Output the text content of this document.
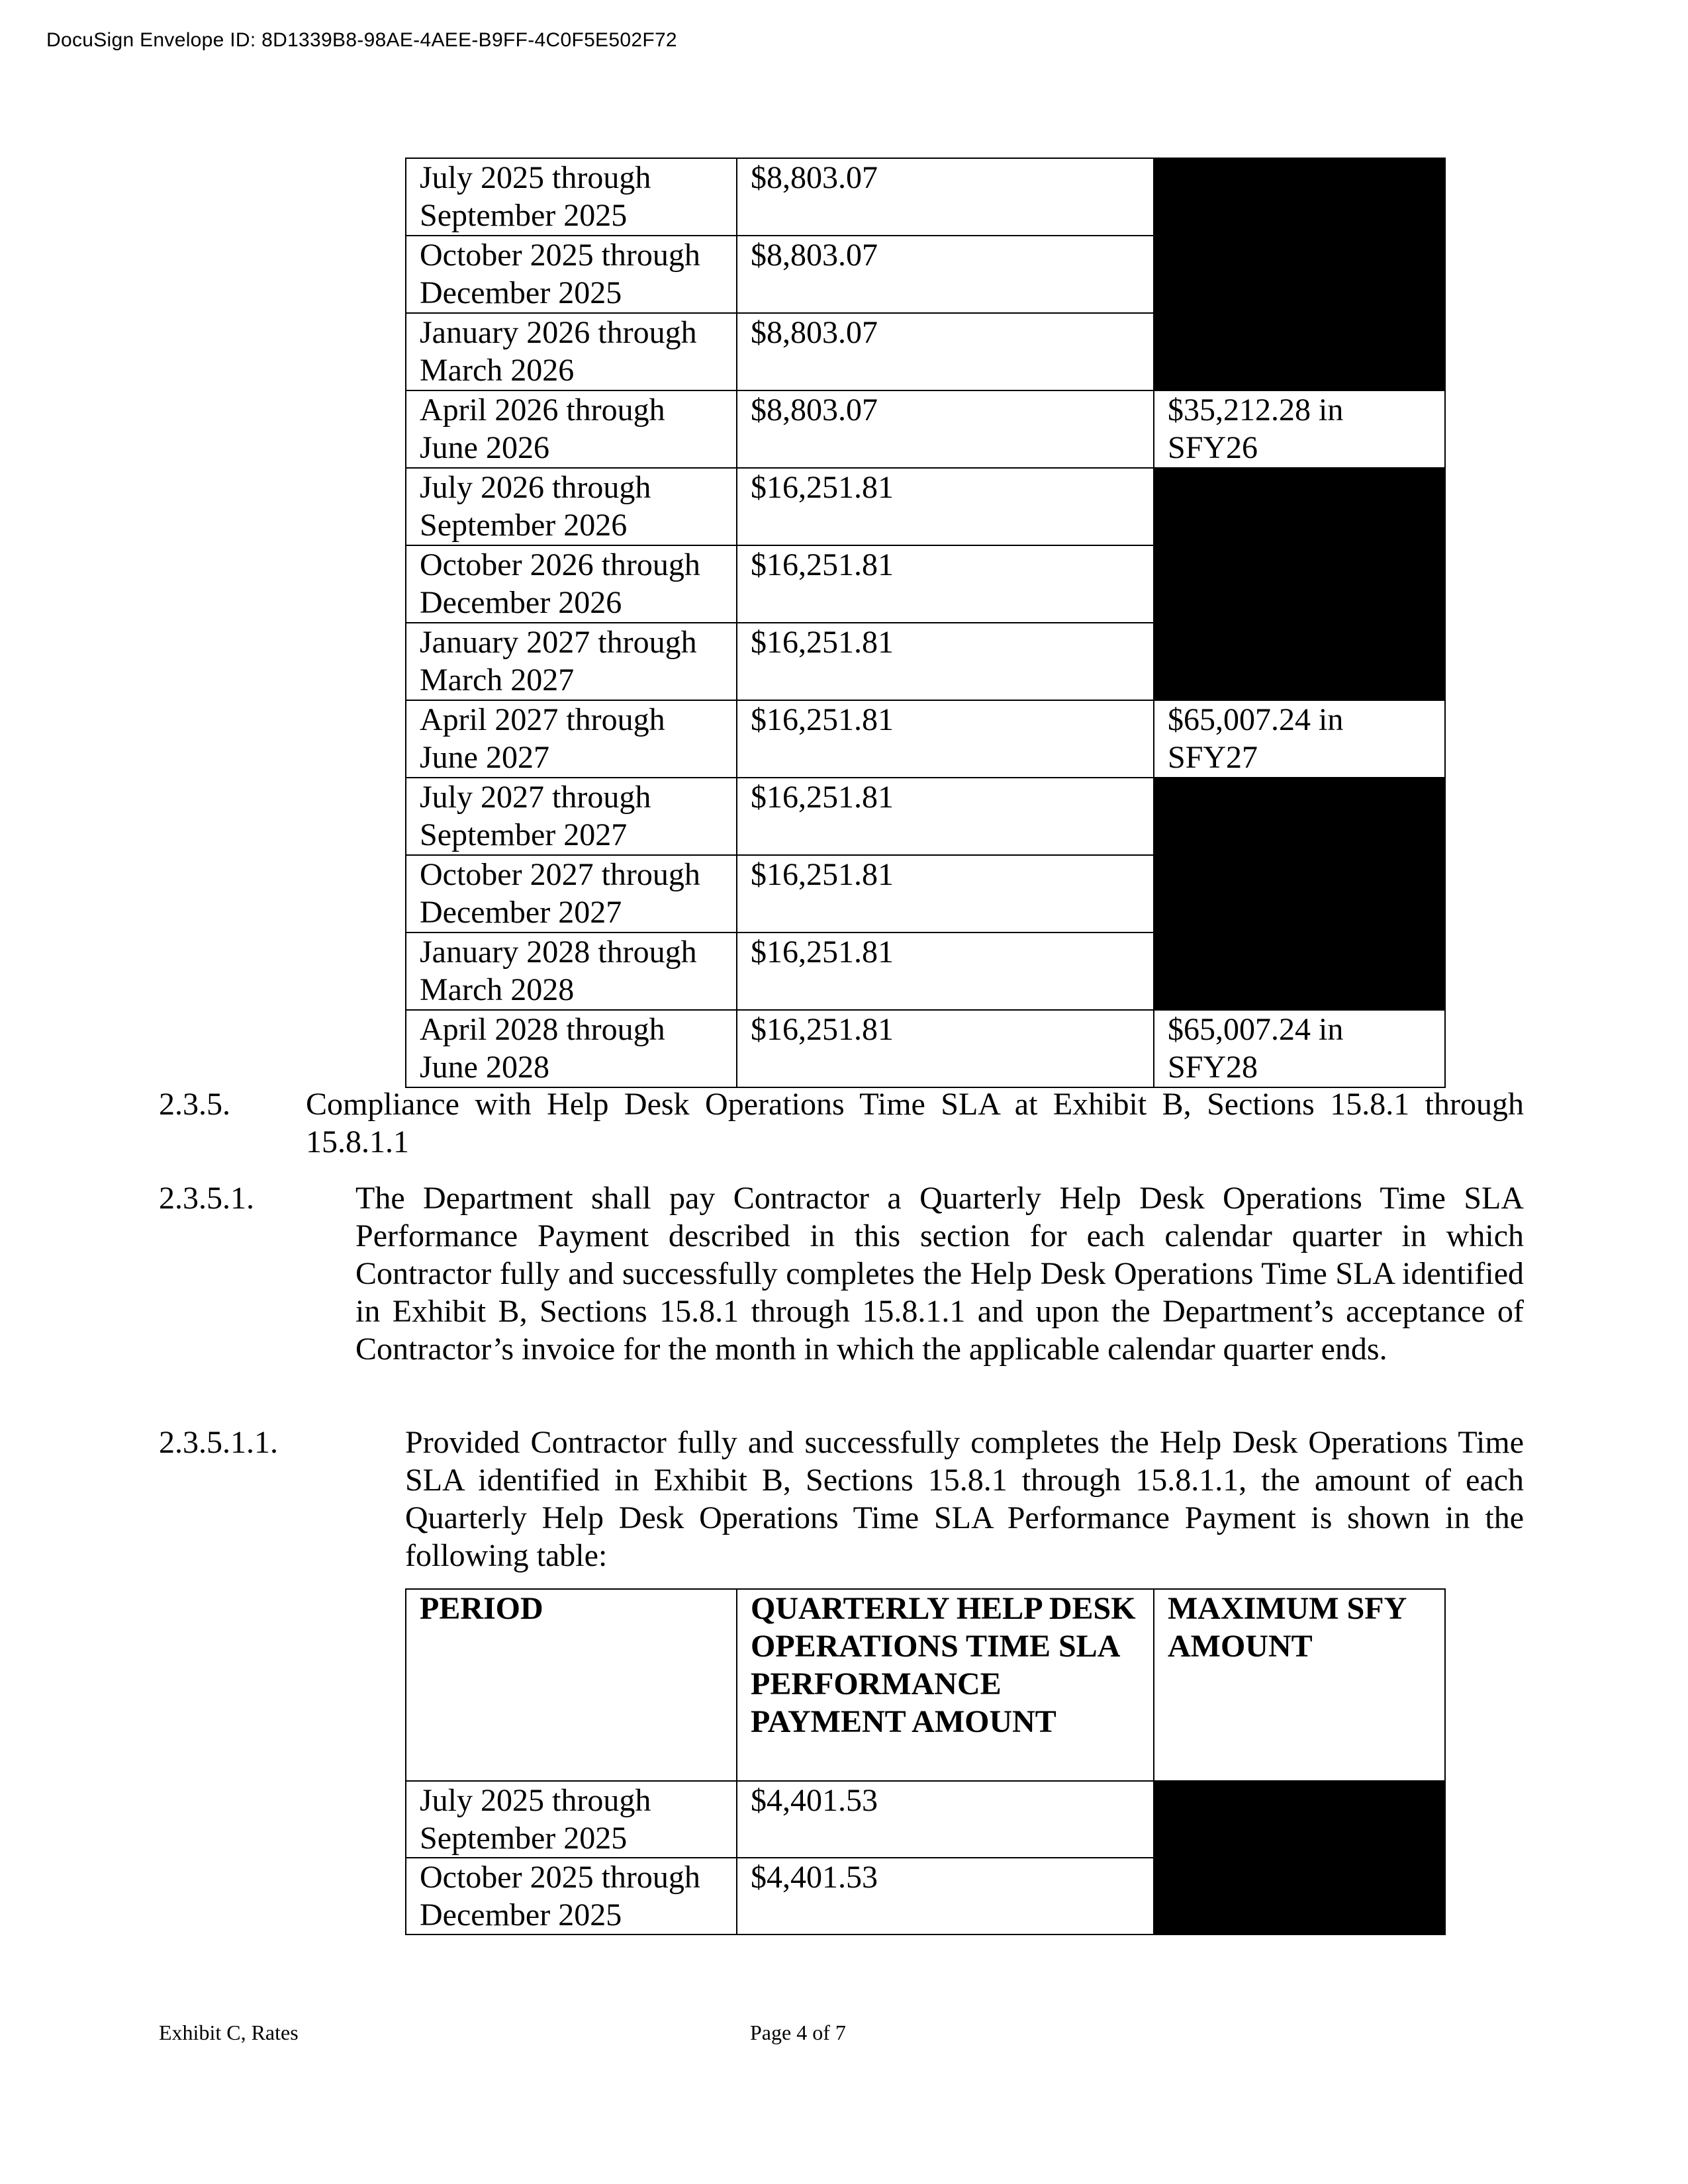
DocuSign Envelope ID: 8D1339B8-98AE-4AEE-B9FF-4C0F5E502F72
July 2025 through September 2025	$8,803.07	
October 2025 through December 2025	$8,803.07	
January 2026 through March 2026	$8,803.07	
April 2026 through June 2026	$8,803.07	$35,212.28 in SFY26
July 2026 through September 2026	$16,251.81	
October 2026 through December 2026	$16,251.81	
January 2027 through March 2027	$16,251.81	
April 2027 through June 2027	$16,251.81	$65,007.24 in SFY27
July 2027 through September 2027	$16,251.81	
October 2027 through December 2027	$16,251.81	
January 2028 through March 2028	$16,251.81	
April 2028 through June 2028	$16,251.81	$65,007.24 in SFY28
2.3.5. Compliance with Help Desk Operations Time SLA at Exhibit B, Sections 15.8.1 through 15.8.1.1
2.3.5.1.	The Department shall pay Contractor a Quarterly Help Desk Operations Time SLA Performance Payment described in this section for each calendar quarter in which Contractor fully and successfully completes the Help Desk Operations Time SLA identified in Exhibit B, Sections 15.8.1 through 15.8.1.1 and upon the Department’s acceptance of Contractor’s invoice for the month in which the applicable calendar quarter ends.
2.3.5.1.1.	Provided Contractor fully and successfully completes the Help Desk Operations Time SLA identified in Exhibit B, Sections 15.8.1 through 15.8.1.1, the amount of each Quarterly Help Desk Operations Time SLA Performance Payment is shown in the following table:
PERIOD	QUARTERLY HELP DESK OPERATIONS TIME SLA PERFORMANCE PAYMENT AMOUNT	MAXIMUM SFY AMOUNT
July 2025 through September 2025	$4,401.53	
October 2025 through December 2025	$4,401.53	
Exhibit C, Rates	Page 4 of 7
